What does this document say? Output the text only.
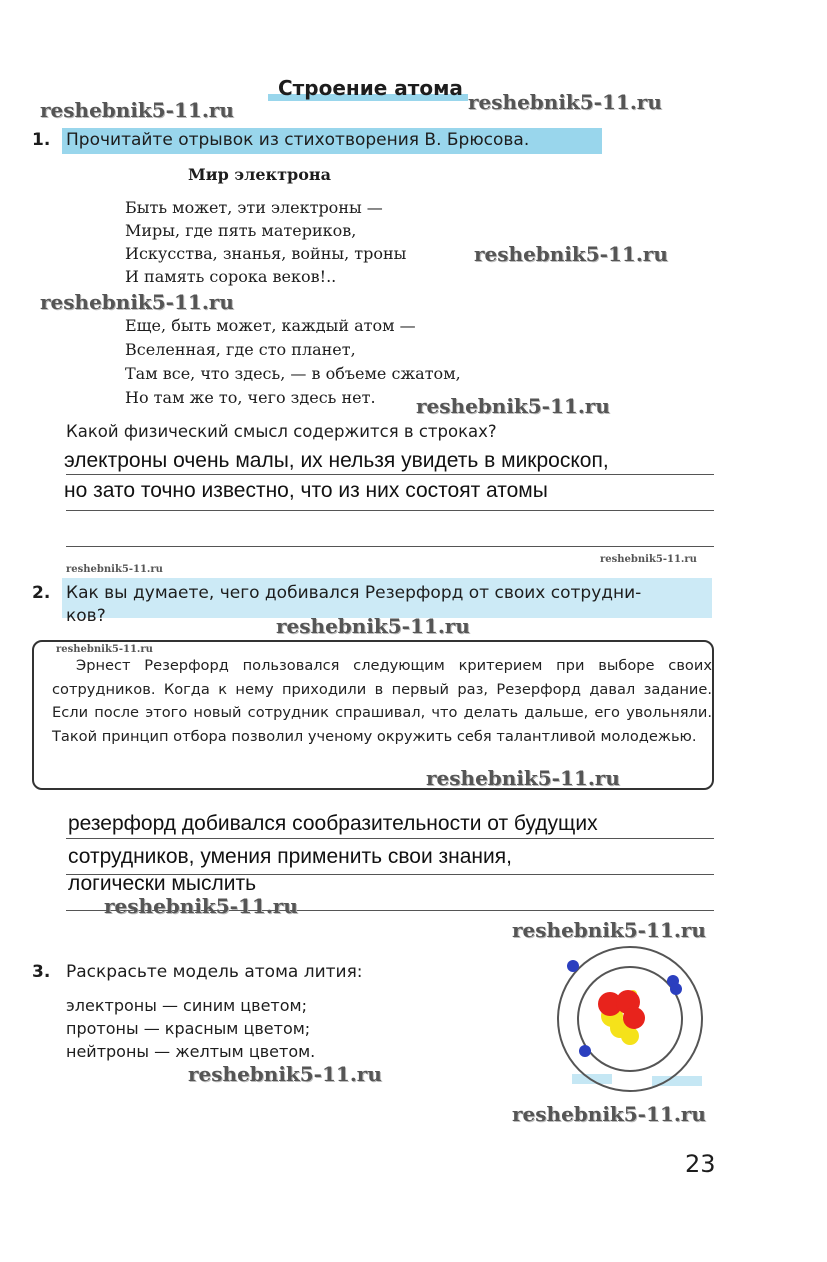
Строение атома
1. Прочитайте отрывок из стихотворения В. Брюсова.
Мир электрона
Быть может, эти электроны —
Миры, где пять материков,
Искусства, знанья, войны, троны
И память сорока веков!..
Еще, быть может, каждый атом —
Вселенная, где сто планет,
Там все, что здесь, — в объеме сжатом,
Но там же то, чего здесь нет.
Какой физический смысл содержится в строках?
электроны очень малы, их нельзя увидеть в микроскоп,
но зато точно известно, что из них состоят атомы
2. Как вы думаете, чего добивался Резерфорд от своих сотрудни-
ков?
Эрнест Резерфорд пользовался следующим критерием при выборе своих сотрудников. Когда к нему приходили в первый раз, Резерфорд давал задание. Если после этого новый сотрудник спрашивал, что делать дальше, его увольняли. Такой принцип отбора позволил ученому окружить себя талантливой молодежью.
резерфорд добивался сообразительности от будущих
сотрудников, умения применить свои знания,
логически мыслить
3. Раскрасьте модель атома лития:
электроны — синим цветом;
протоны — красным цветом;
нейтроны — желтым цветом.
23
reshebnik5-11.ru	reshebnik5-11.ru
reshebnik5-11.ru
reshebnik5-11.ru
reshebnik5-11.ru
reshebnik5-11.ru
reshebnik5-11.ru
reshebnik5-11.ru
reshebnik5-11.ru
reshebnik5-11.ru
reshebnik5-11.ru
reshebnik5-11.ru
reshebnik5-11.ru
reshebnik5-11.ru
